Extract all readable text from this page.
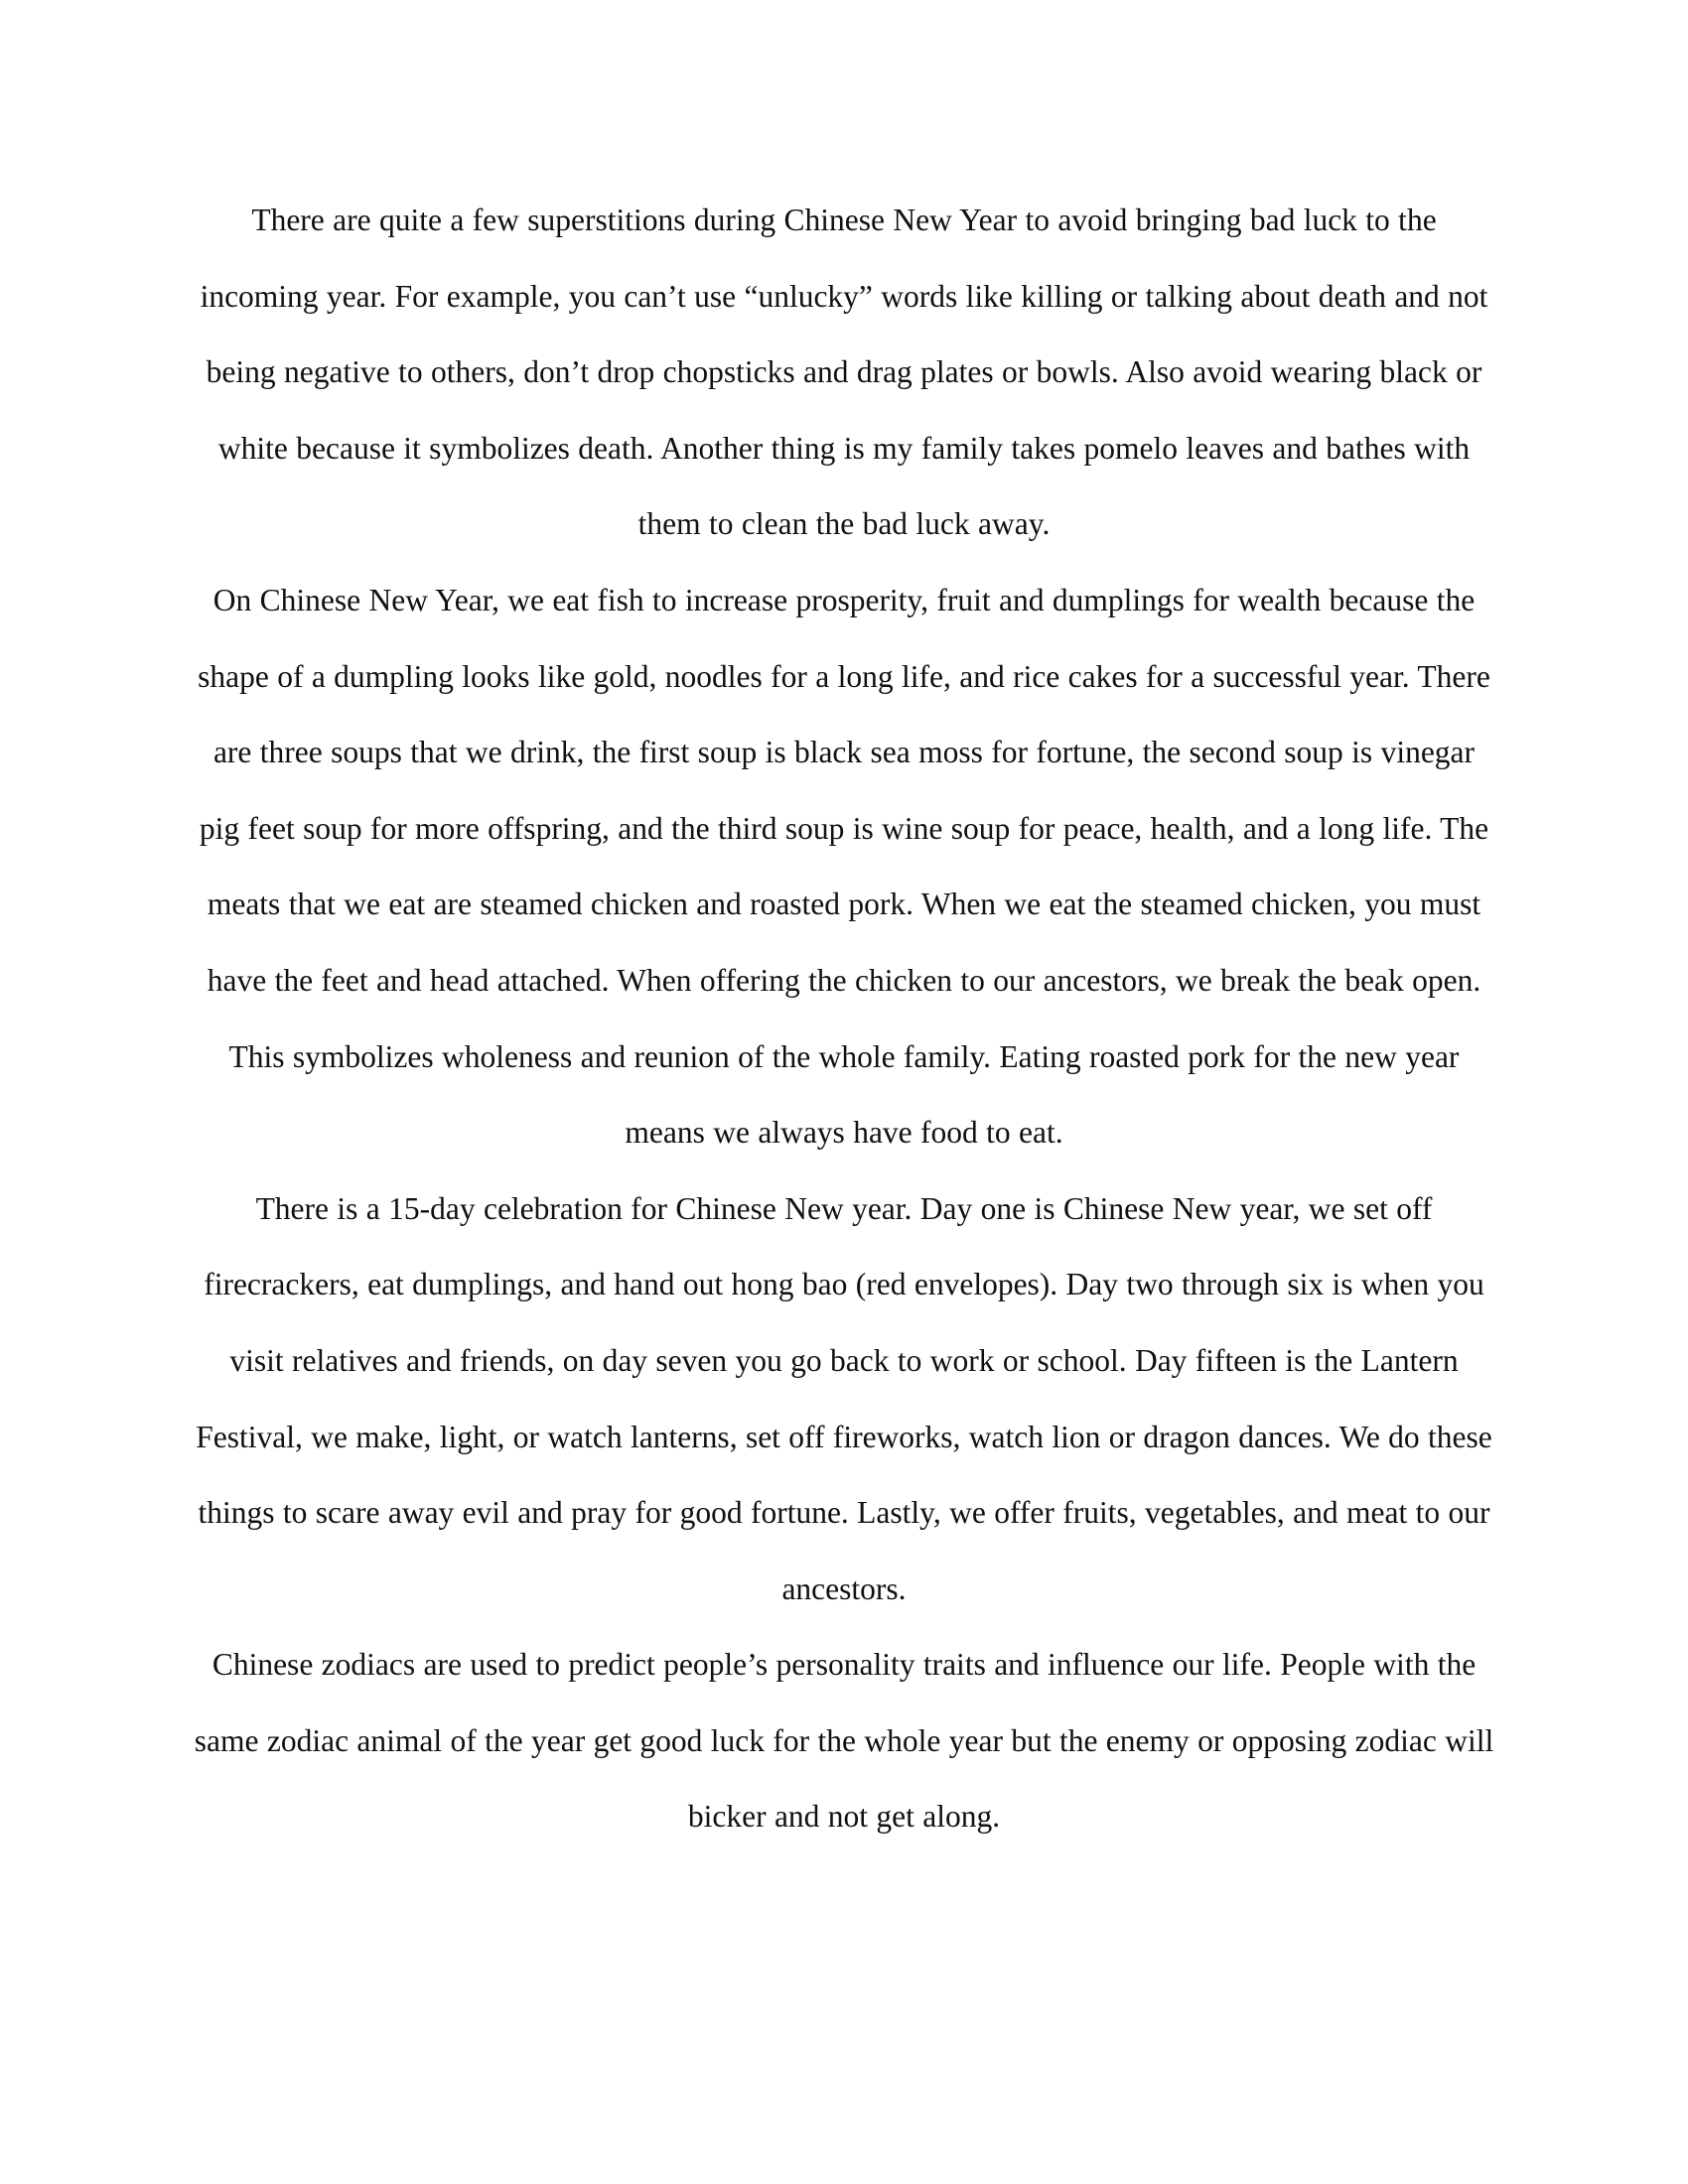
There are quite a few superstitions during Chinese New Year to avoid bringing bad luck to the incoming year. For example, you can’t use “unlucky” words like killing or talking about death and not being negative to others, don’t drop chopsticks and drag plates or bowls. Also avoid wearing black or white because it symbolizes death. Another thing is my family takes pomelo leaves and bathes with them to clean the bad luck away.

On Chinese New Year, we eat fish to increase prosperity, fruit and dumplings for wealth because the shape of a dumpling looks like gold, noodles for a long life, and rice cakes for a successful year. There are three soups that we drink, the first soup is black sea moss for fortune, the second soup is vinegar pig feet soup for more offspring, and the third soup is wine soup for peace, health, and a long life. The meats that we eat are steamed chicken and roasted pork. When we eat the steamed chicken, you must have the feet and head attached. When offering the chicken to our ancestors, we break the beak open. This symbolizes wholeness and reunion of the whole family. Eating roasted pork for the new year means we always have food to eat.

There is a 15-day celebration for Chinese New year. Day one is Chinese New year, we set off firecrackers, eat dumplings, and hand out hong bao (red envelopes). Day two through six is when you visit relatives and friends, on day seven you go back to work or school. Day fifteen is the Lantern Festival, we make, light, or watch lanterns, set off fireworks, watch lion or dragon dances. We do these things to scare away evil and pray for good fortune. Lastly, we offer fruits, vegetables, and meat to our ancestors.

Chinese zodiacs are used to predict people’s personality traits and influence our life. People with the same zodiac animal of the year get good luck for the whole year but the enemy or opposing zodiac will bicker and not get along.
